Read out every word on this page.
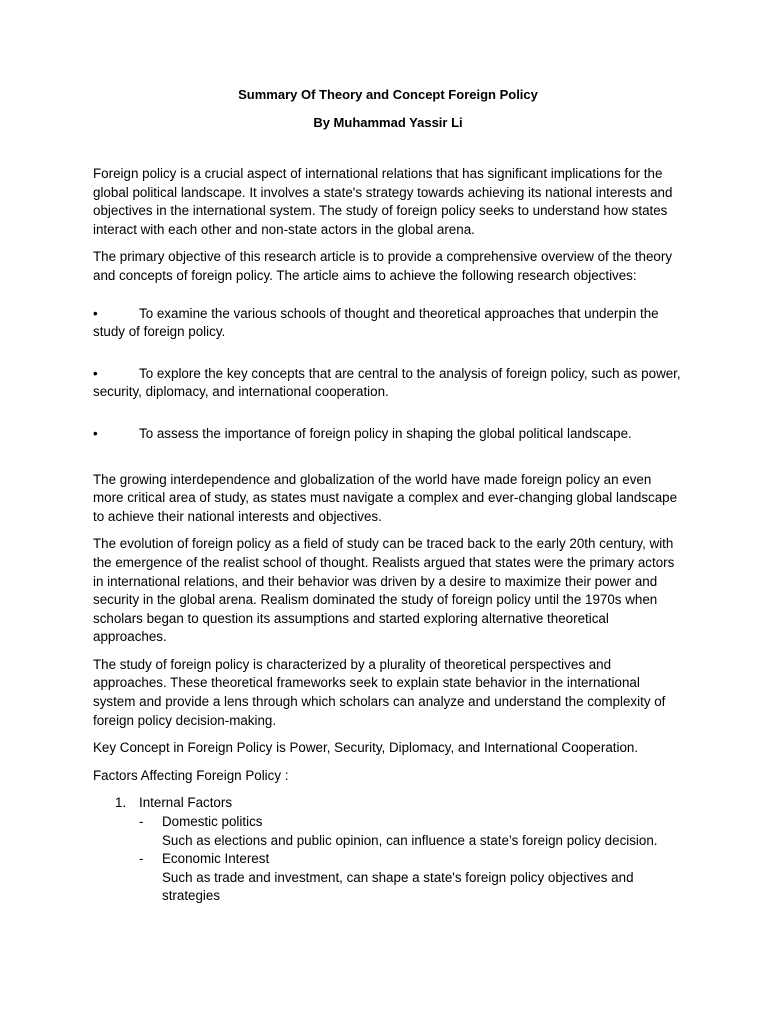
Summary Of Theory and Concept Foreign Policy
By Muhammad Yassir Li

Foreign policy is a crucial aspect of international relations that has significant implications for the global political landscape. It involves a state's strategy towards achieving its national interests and objectives in the international system. The study of foreign policy seeks to understand how states interact with each other and non-state actors in the global arena.

The primary objective of this research article is to provide a comprehensive overview of the theory and concepts of foreign policy. The article aims to achieve the following research objectives:

•	To examine the various schools of thought and theoretical approaches that underpin the study of foreign policy.

•	To explore the key concepts that are central to the analysis of foreign policy, such as power, security, diplomacy, and international cooperation.

•	To assess the importance of foreign policy in shaping the global political landscape.

The growing interdependence and globalization of the world have made foreign policy an even more critical area of study, as states must navigate a complex and ever-changing global landscape to achieve their national interests and objectives.

The evolution of foreign policy as a field of study can be traced back to the early 20th century, with the emergence of the realist school of thought. Realists argued that states were the primary actors in international relations, and their behavior was driven by a desire to maximize their power and security in the global arena. Realism dominated the study of foreign policy until the 1970s when scholars began to question its assumptions and started exploring alternative theoretical approaches.

The study of foreign policy is characterized by a plurality of theoretical perspectives and approaches. These theoretical frameworks seek to explain state behavior in the international system and provide a lens through which scholars can analyze and understand the complexity of foreign policy decision-making.

Key Concept in Foreign Policy is Power, Security, Diplomacy, and International Cooperation.

Factors Affecting Foreign Policy :

1. Internal Factors
- Domestic politics
Such as elections and public opinion, can influence a state’s foreign policy decision.
- Economic Interest
Such as trade and investment, can shape a state's foreign policy objectives and strategies
